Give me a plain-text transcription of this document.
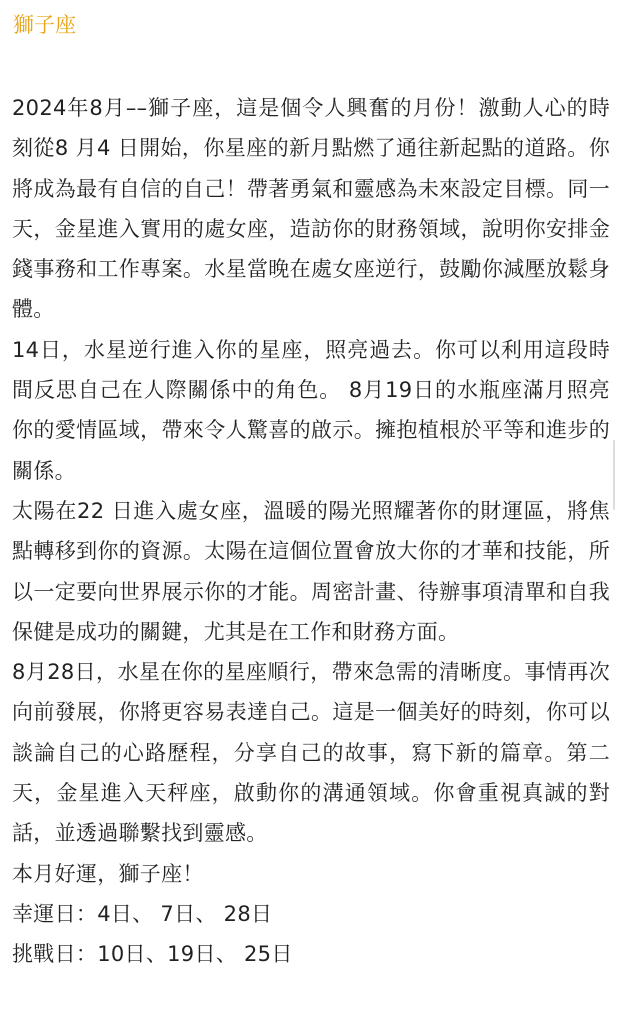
獅子座

2024年8月––獅子座，這是個令人興奮的月份！激動人心的時刻從8 月4 日開始，你星座的新月點燃了通往新起點的道路。你將成為最有自信的自己！帶著勇氣和靈感為未來設定目標。同一天，金星進入實用的處女座，造訪你的財務領域，說明你安排金錢事務和工作專案。水星當晚在處女座逆行，鼓勵你減壓放鬆身體。

14日，水星逆行進入你的星座，照亮過去。你可以利用這段時間反思自己在人際關係中的角色。 8月19日的水瓶座滿月照亮你的愛情區域，帶來令人驚喜的啟示。擁抱植根於平等和進步的關係。

太陽在22 日進入處女座，溫暖的陽光照耀著你的財運區，將焦點轉移到你的資源。太陽在這個位置會放大你的才華和技能，所以一定要向世界展示你的才能。周密計畫、待辦事項清單和自我保健是成功的關鍵，尤其是在工作和財務方面。

8月28日，水星在你的星座順行，帶來急需的清晰度。事情再次向前發展，你將更容易表達自己。這是一個美好的時刻，你可以談論自己的心路歷程，分享自己的故事，寫下新的篇章。第二天，金星進入天秤座，啟動你的溝通領域。你會重視真誠的對話，並透過聯繫找到靈感。

本月好運，獅子座！

幸運日：4日、 7日、 28日

挑戰日：10日、19日、 25日
